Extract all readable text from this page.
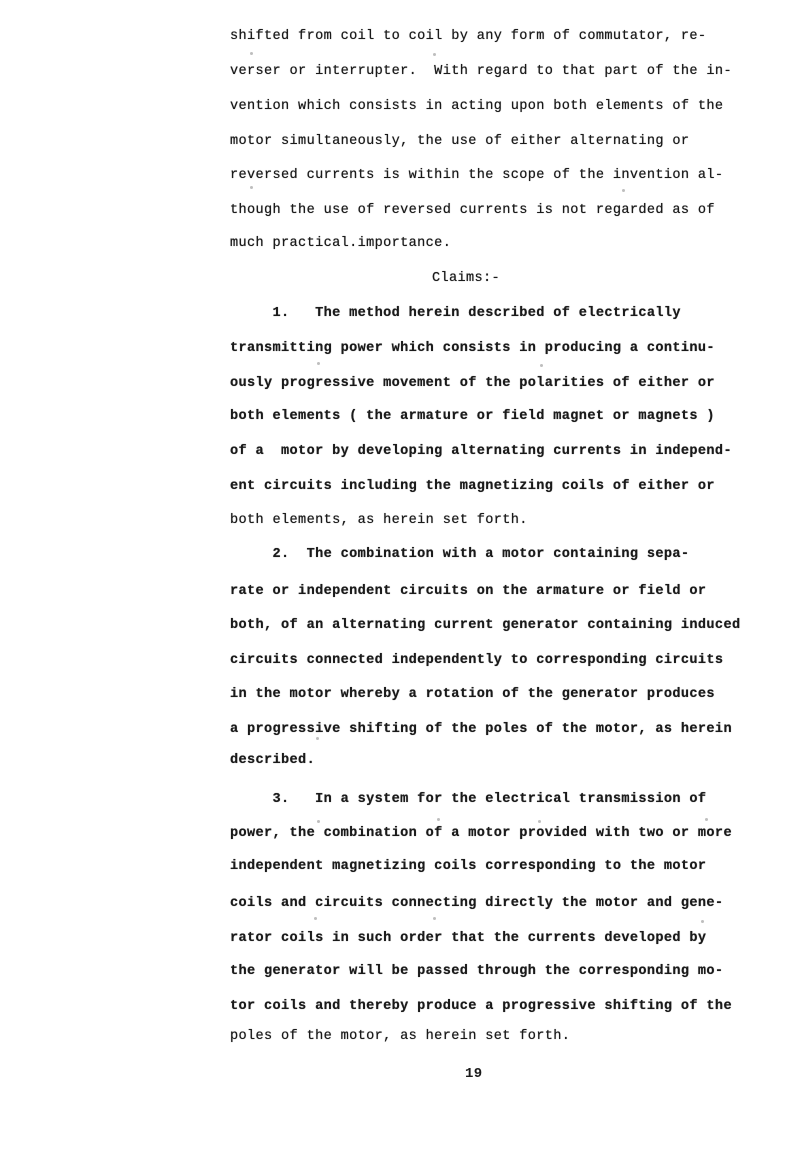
shifted from coil to coil by any form of commutator, re-
verser or interrupter.  With regard to that part of the in-
vention which consists in acting upon both elements of the
motor simultaneously, the use of either alternating or
reversed currents is within the scope of the invention al-
though the use of reversed currents is not regarded as of
much practical.importance.
Claims:-
1.   The method herein described of electrically
transmitting power which consists in producing a continu-
ously progressive movement of the polarities of either or
both elements ( the armature or field magnet or magnets )
of a  motor by developing alternating currents in independ-
ent circuits including the magnetizing coils of either or
both elements, as herein set forth.
2.  The combination with a motor containing sepa-
rate or independent circuits on the armature or field or
both, of an alternating current generator containing induced
circuits connected independently to corresponding circuits
in the motor whereby a rotation of the generator produces
a progressive shifting of the poles of the motor, as herein
described.
3.   In a system for the electrical transmission of
power, the combination of a motor provided with two or more
independent magnetizing coils corresponding to the motor
coils and circuits connecting directly the motor and gene-
rator coils in such order that the currents developed by
the generator will be passed through the corresponding mo-
tor coils and thereby produce a progressive shifting of the
poles of the motor, as herein set forth.
19
